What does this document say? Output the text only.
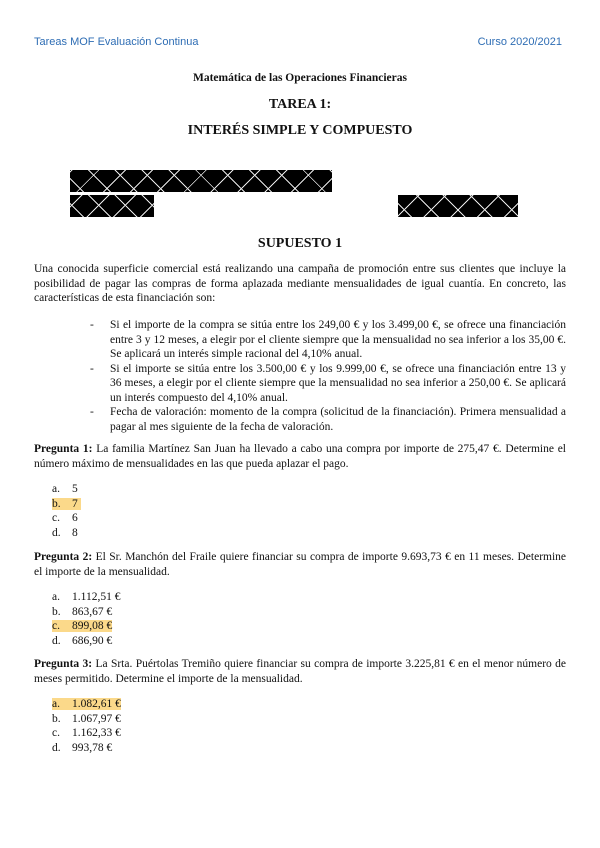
Tareas MOF Evaluación Continua	Curso 2020/2021
Matemática de las Operaciones Financieras
TAREA 1:
INTERÉS SIMPLE Y COMPUESTO
SUPUESTO 1
Una conocida superficie comercial está realizando una campaña de promoción entre sus clientes que incluye la posibilidad de pagar las compras de forma aplazada mediante mensualidades de igual cuantía. En concreto, las características de esta financiación son:
- Si el importe de la compra se sitúa entre los 249,00 € y los 3.499,00 €, se ofrece una financiación entre 3 y 12 meses, a elegir por el cliente siempre que la mensualidad no sea inferior a los 35,00 €. Se aplicará un interés simple racional del 4,10% anual.
- Si el importe se sitúa entre los 3.500,00 € y los 9.999,00 €, se ofrece una financiación entre 13 y 36 meses, a elegir por el cliente siempre que la mensualidad no sea inferior a 250,00 €. Se aplicará un interés compuesto del 4,10% anual.
- Fecha de valoración: momento de la compra (solicitud de la financiación). Primera mensualidad a pagar al mes siguiente de la fecha de valoración.
Pregunta 1: La familia Martínez San Juan ha llevado a cabo una compra por importe de 275,47 €. Determine el número máximo de mensualidades en las que pueda aplazar el pago.
a. 5
b. 7
c. 6
d. 8
Pregunta 2: El Sr. Manchón del Fraile quiere financiar su compra de importe 9.693,73 € en 11 meses. Determine el importe de la mensualidad.
a. 1.112,51 €
b. 863,67 €
c. 899,08 €
d. 686,90 €
Pregunta 3: La Srta. Puértolas Tremiño quiere financiar su compra de importe 3.225,81 € en el menor número de meses permitido. Determine el importe de la mensualidad.
a. 1.082,61 €
b. 1.067,97 €
c. 1.162,33 €
d. 993,78 €
